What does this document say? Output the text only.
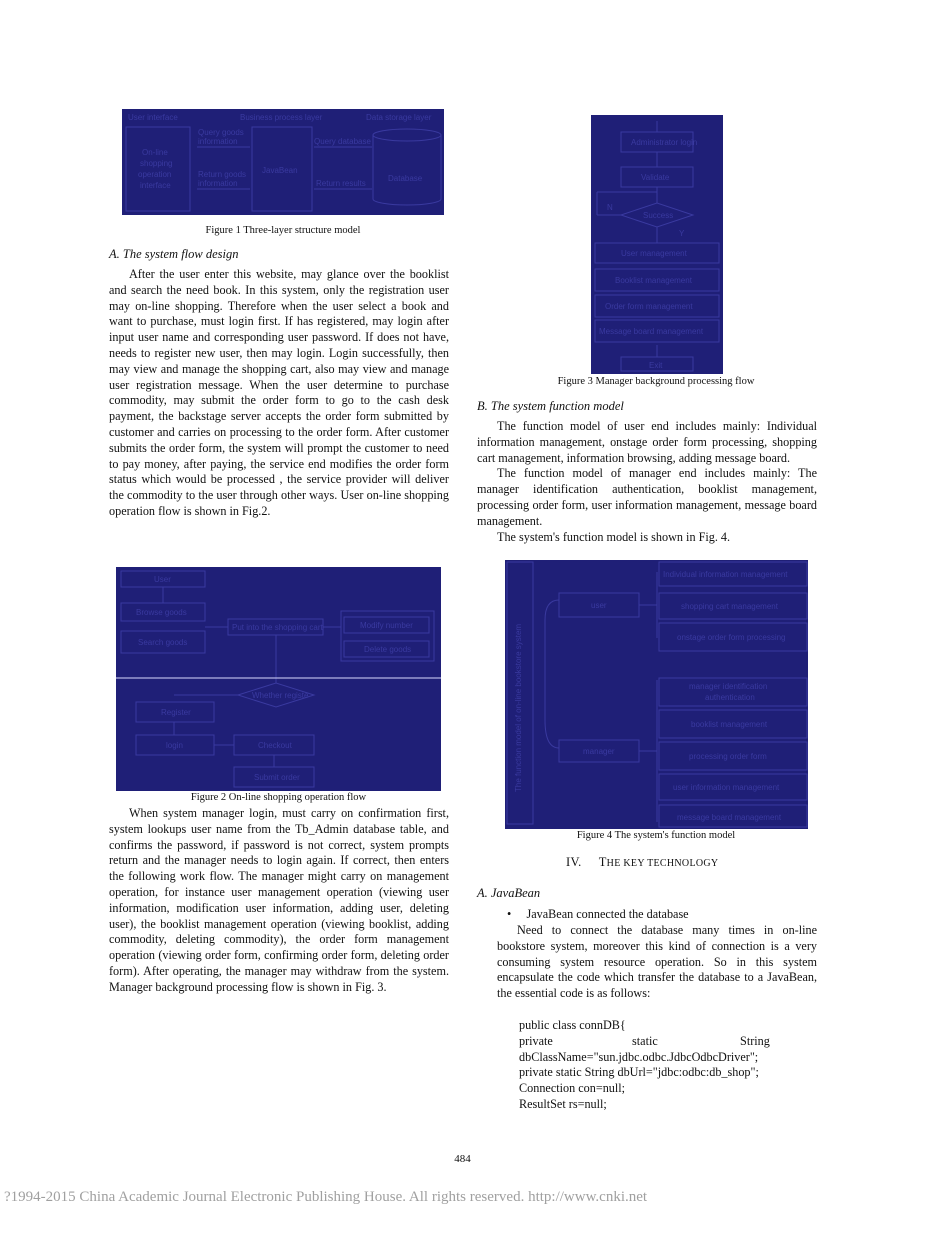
User interface	Business process layer	Data storage layer
On-line
shopping
operation
interface
Query goods
information
Return goods
information
JavaBean
Query database
Return results
Database
Figure 1 Three-layer structure model
A. The system flow design

After the user enter this website, may glance over the booklist and search the need book. In this system, only the registration user may on-line shopping. Therefore when the user select a book and want to purchase, must login first. If has registered, may login after input user name and corresponding user password. If does not have, needs to register new user, then may login. Login successfully, then may view and manage the shopping cart, also may view and manage user registration message. When the user determine to purchase commodity, may submit the order form to go to the cash desk payment, the backstage server accepts the order form submitted by customer and carries on processing to the order form. After customer submits the order form, the system will prompt the customer to need to pay money, after paying, the service end modifies the order form status which would be processed , the service provider will deliver the commodity to the user through other ways. User on-line shopping operation flow is shown in Fig.2.

User
Browse goods
Search goods
Put into the shopping cart	Modify number
Delete goods
Whether registe
Register
login	Checkout
Submit order
Figure 2 On-line shopping operation flow

When system manager login, must carry on confirmation first, system lookups user name from the Tb_Admin database table, and confirms the password, if password is not correct, system prompts return and the manager needs to login again. If correct, then enters the following work flow. The manager might carry on management operation, for instance user management operation (viewing user information, modification user information, adding user, deleting user), the booklist management operation (viewing booklist, adding commodity, deleting commodity), the order form management operation (viewing order form, confirming order form, deleting order form). After operating, the manager may withdraw from the system. Manager background processing flow is shown in Fig. 3.

Administrator login
Validate
Success
N
Y
User management
Booklist management
Order form management
Message board management
Exit
Figure 3 Manager background processing flow
B. The system function model

The function model of user end includes mainly: Individual information management, onstage order form processing, shopping cart management, information browsing, adding message board.

The function model of manager end includes mainly: The manager identification authentication, booklist management, processing order form, user information management, message board management.

The system's function model is shown in Fig. 4.

The function model of on-line bookstore system
user
manager
Individual information management
shopping cart management
onstage order form processing
manager identification
authentication
booklist management
processing order form
user information management
message board management
Figure 4 The system's function model
IV. THE KEY TECHNOLOGY
A. JavaBean
• JavaBean connected the database

Need to connect the database many times in on-line bookstore system, moreover this kind of connection is a very consuming system resource operation. So in this system encapsulate the code which transfer the database to a JavaBean, the essential code is as follows:

public class connDB{
private                          static                           String
dbClassName="sun.jdbc.odbc.JdbcOdbcDriver";
private static String dbUrl="jdbc:odbc:db_shop";
Connection con=null;
ResultSet rs=null;
484
?1994-2015 China Academic Journal Electronic Publishing House. All rights reserved. http://www.cnki.net
